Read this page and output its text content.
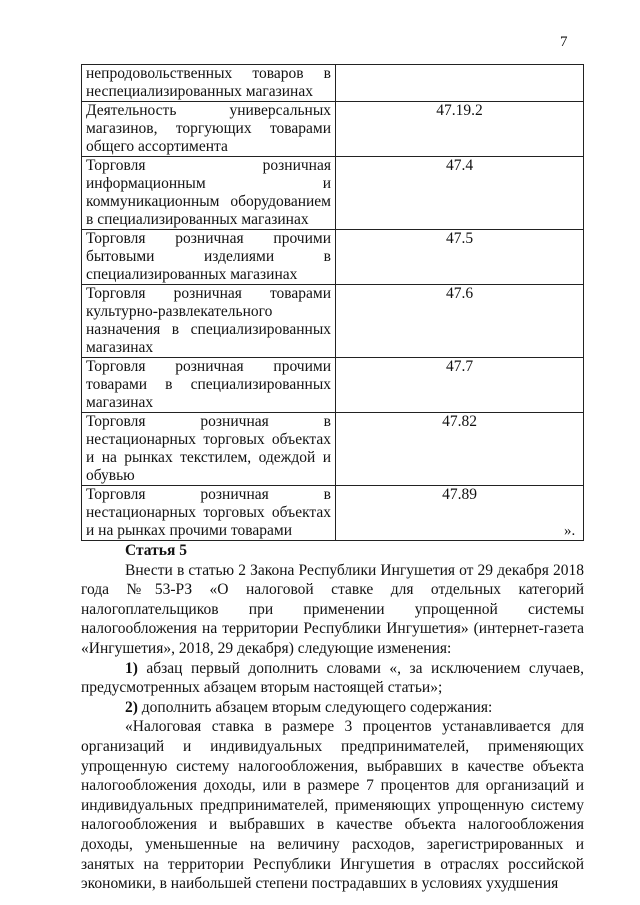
7
непродовольственных товаров в
неспециализированных магазинах	

Деятельность универсальных
магазинов, торгующих товарами
общего ассортимента	47.19.2

Торговля розничная
информационным и
коммуникационным оборудованием
в специализированных магазинах	47.4

Торговля розничная прочими
бытовыми изделиями в
специализированных магазинах	47.5

Торговля розничная товарами
культурно-развлекательного
назначения в специализированных
магазинах	47.6

Торговля розничная прочими
товарами в специализированных
магазинах	47.7

Торговля розничная в
нестационарных торговых объектах
и на рынках текстилем, одеждой и
обувью	47.82

Торговля розничная в
нестационарных торговых объектах
и на рынках прочими товарами	47.89
».
Статья 5

Внести в статью 2 Закона Республики Ингушетия от 29 декабря 2018 года №53-РЗ «О налоговой ставке для отдельных категорий налогоплательщиков при применении упрощенной системы налогообложения на территории Республики Ингушетия» (интернет-газета «Ингушетия», 2018, 29 декабря) следующие изменения:

1) абзац первый дополнить словами «, за исключением случаев, предусмотренных абзацем вторым настоящей статьи»;

2) дополнить абзацем вторым следующего содержания:

«Налоговая ставка в размере 3 процентов устанавливается для организаций и индивидуальных предпринимателей, применяющих упрощенную систему налогообложения, выбравших в качестве объекта налогообложения доходы, или в размере 7 процентов для организаций и индивидуальных предпринимателей, применяющих упрощенную систему налогообложения и выбравших в качестве объекта налогообложения доходы, уменьшенные на величину расходов, зарегистрированных и занятых на территории Республики Ингушетия в отраслях российской экономики, в наибольшей степени пострадавших в условиях ухудшения
